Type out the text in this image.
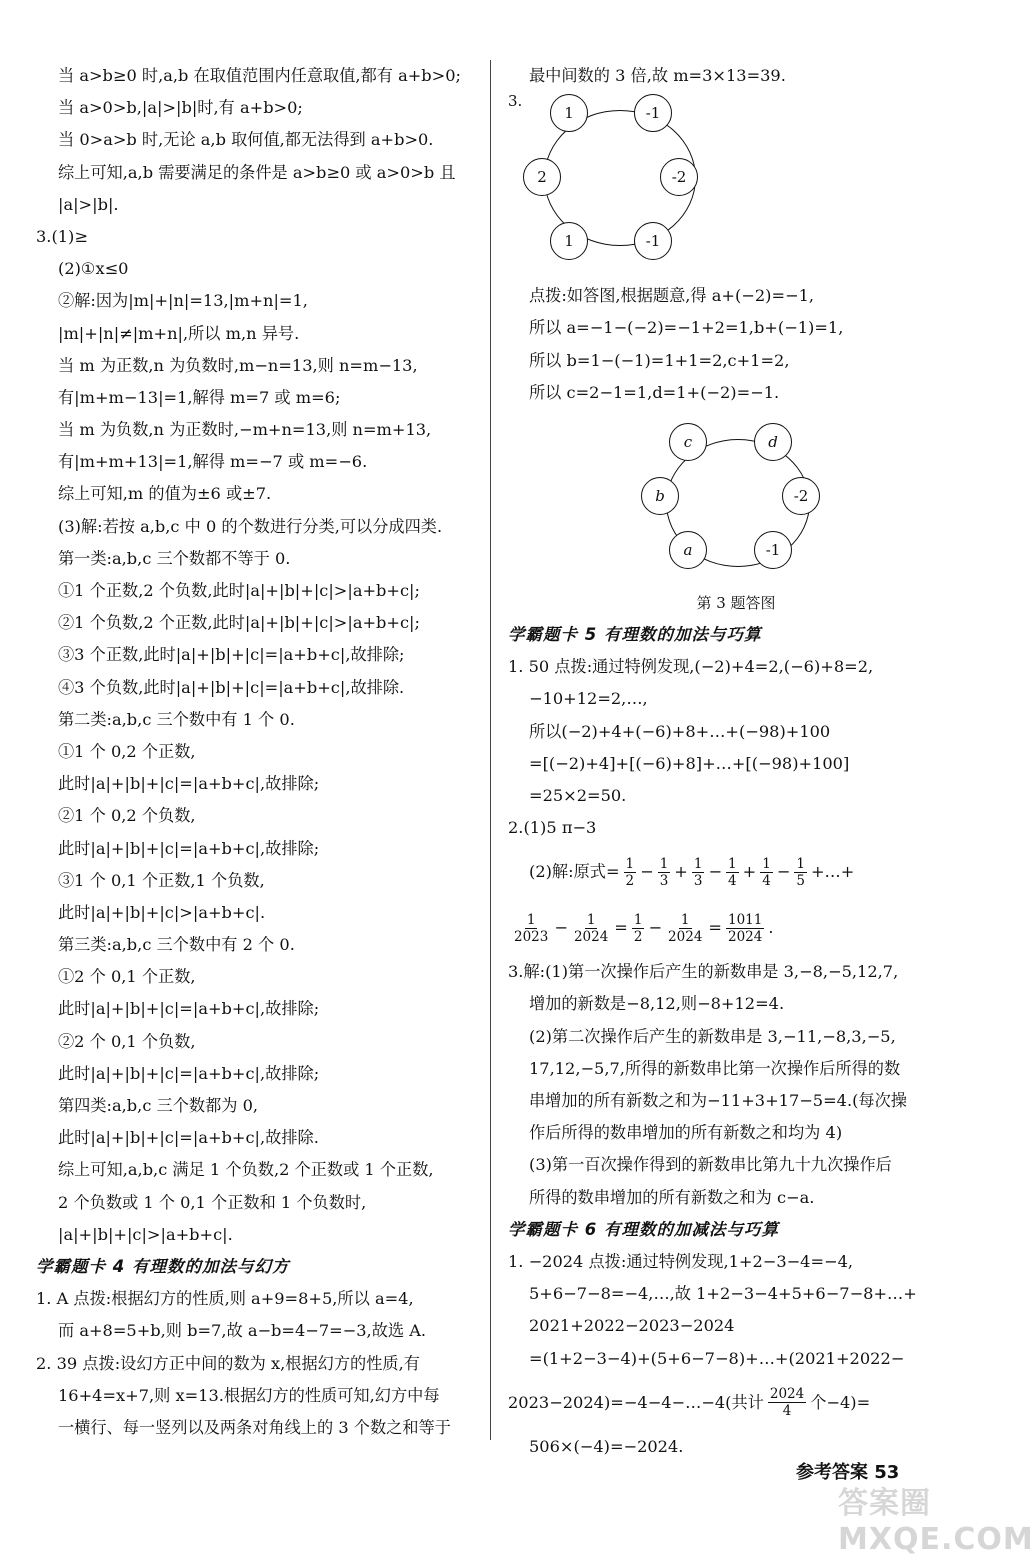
当 a>b≥0 时,a,b 在取值范围内任意取值,都有 a+b>0;
当 a>0>b,|a|>|b|时,有 a+b>0;
当 0>a>b 时,无论 a,b 取何值,都无法得到 a+b>0.
综上可知,a,b 需要满足的条件是 a>b≥0 或 a>0>b 且
|a|>|b|.
3.(1)≥
(2)①x≤0
②解:因为|m|+|n|=13,|m+n|=1,
|m|+|n|≠|m+n|,所以 m,n 异号.
当 m 为正数,n 为负数时,m−n=13,则 n=m−13,
有|m+m−13|=1,解得 m=7 或 m=6;
当 m 为负数,n 为正数时,−m+n=13,则 n=m+13,
有|m+m+13|=1,解得 m=−7 或 m=−6.
综上可知,m 的值为±6 或±7.
(3)解:若按 a,b,c 中 0 的个数进行分类,可以分成四类.
第一类:a,b,c 三个数都不等于 0.
①1 个正数,2 个负数,此时|a|+|b|+|c|>|a+b+c|;
②1 个负数,2 个正数,此时|a|+|b|+|c|>|a+b+c|;
③3 个正数,此时|a|+|b|+|c|=|a+b+c|,故排除;
④3 个负数,此时|a|+|b|+|c|=|a+b+c|,故排除.
第二类:a,b,c 三个数中有 1 个 0.
①1 个 0,2 个正数,
此时|a|+|b|+|c|=|a+b+c|,故排除;
②1 个 0,2 个负数,
此时|a|+|b|+|c|=|a+b+c|,故排除;
③1 个 0,1 个正数,1 个负数,
此时|a|+|b|+|c|>|a+b+c|.
第三类:a,b,c 三个数中有 2 个 0.
①2 个 0,1 个正数,
此时|a|+|b|+|c|=|a+b+c|,故排除;
②2 个 0,1 个负数,
此时|a|+|b|+|c|=|a+b+c|,故排除;
第四类:a,b,c 三个数都为 0,
此时|a|+|b|+|c|=|a+b+c|,故排除.
综上可知,a,b,c 满足 1 个负数,2 个正数或 1 个正数,
2 个负数或 1 个 0,1 个正数和 1 个负数时,
|a|+|b|+|c|>|a+b+c|.
学霸题卡 4 有理数的加法与幻方
1. A 点拨:根据幻方的性质,则 a+9=8+5,所以 a=4,
而 a+8=5+b,则 b=7,故 a−b=4−7=−3,故选 A.
2. 39 点拨:设幻方正中间的数为 x,根据幻方的性质,有
16+4=x+7,则 x=13.根据幻方的性质可知,幻方中每
一横行、每一竖列以及两条对角线上的 3 个数之和等于
最中间数的 3 倍,故 m=3×13=39.
3.
1	-1
2	-2
1	-1
点拨:如答图,根据题意,得 a+(−2)=−1,
所以 a=−1−(−2)=−1+2=1,b+(−1)=1,
所以 b=1−(−1)=1+1=2,c+1=2,
所以 c=2−1=1,d=1+(−2)=−1.
c	d
b	-2
a	-1
第 3 题答图
学霸题卡 5 有理数的加法与巧算
1. 50 点拨:通过特例发现,(−2)+4=2,(−6)+8=2,
−10+12=2,…,
所以(−2)+4+(−6)+8+…+(−98)+100
=[(−2)+4]+[(−6)+8]+…+[(−98)+100]
=25×2=50.
2.(1)5 π−3
(2)解:原式= $\frac{1}{2} - \frac{1}{3} + \frac{1}{3} - \frac{1}{4} + \frac{1}{4} - \frac{1}{5}$ +…+
$\frac{1}{2023} - \frac{1}{2024} = \frac{1}{2} - \frac{1}{2024} = \frac{1011}{2024}$ .
3.解:(1)第一次操作后产生的新数串是 3,−8,−5,12,7,
增加的新数是−8,12,则−8+12=4.
(2)第二次操作后产生的新数串是 3,−11,−8,3,−5,
17,12,−5,7,所得的新数串比第一次操作后所得的数
串增加的所有新数之和为−11+3+17−5=4.(每次操
作后所得的数串增加的所有新数之和均为 4)
(3)第一百次操作得到的新数串比第九十九次操作后
所得的数串增加的所有新数之和为 c−a.
学霸题卡 6 有理数的加减法与巧算
1. −2024 点拨:通过特例发现,1+2−3−4=−4,
5+6−7−8=−4,…,故 1+2−3−4+5+6−7−8+…+
2021+2022−2023−2024
=(1+2−3−4)+(5+6−7−8)+…+(2021+2022−
2023−2024)=−4−4−…−4(共计 $\frac{2024}{4}$ 个−4)=
506×(−4)=−2024.
参考答案 53
答案圈 MXQE.COM
